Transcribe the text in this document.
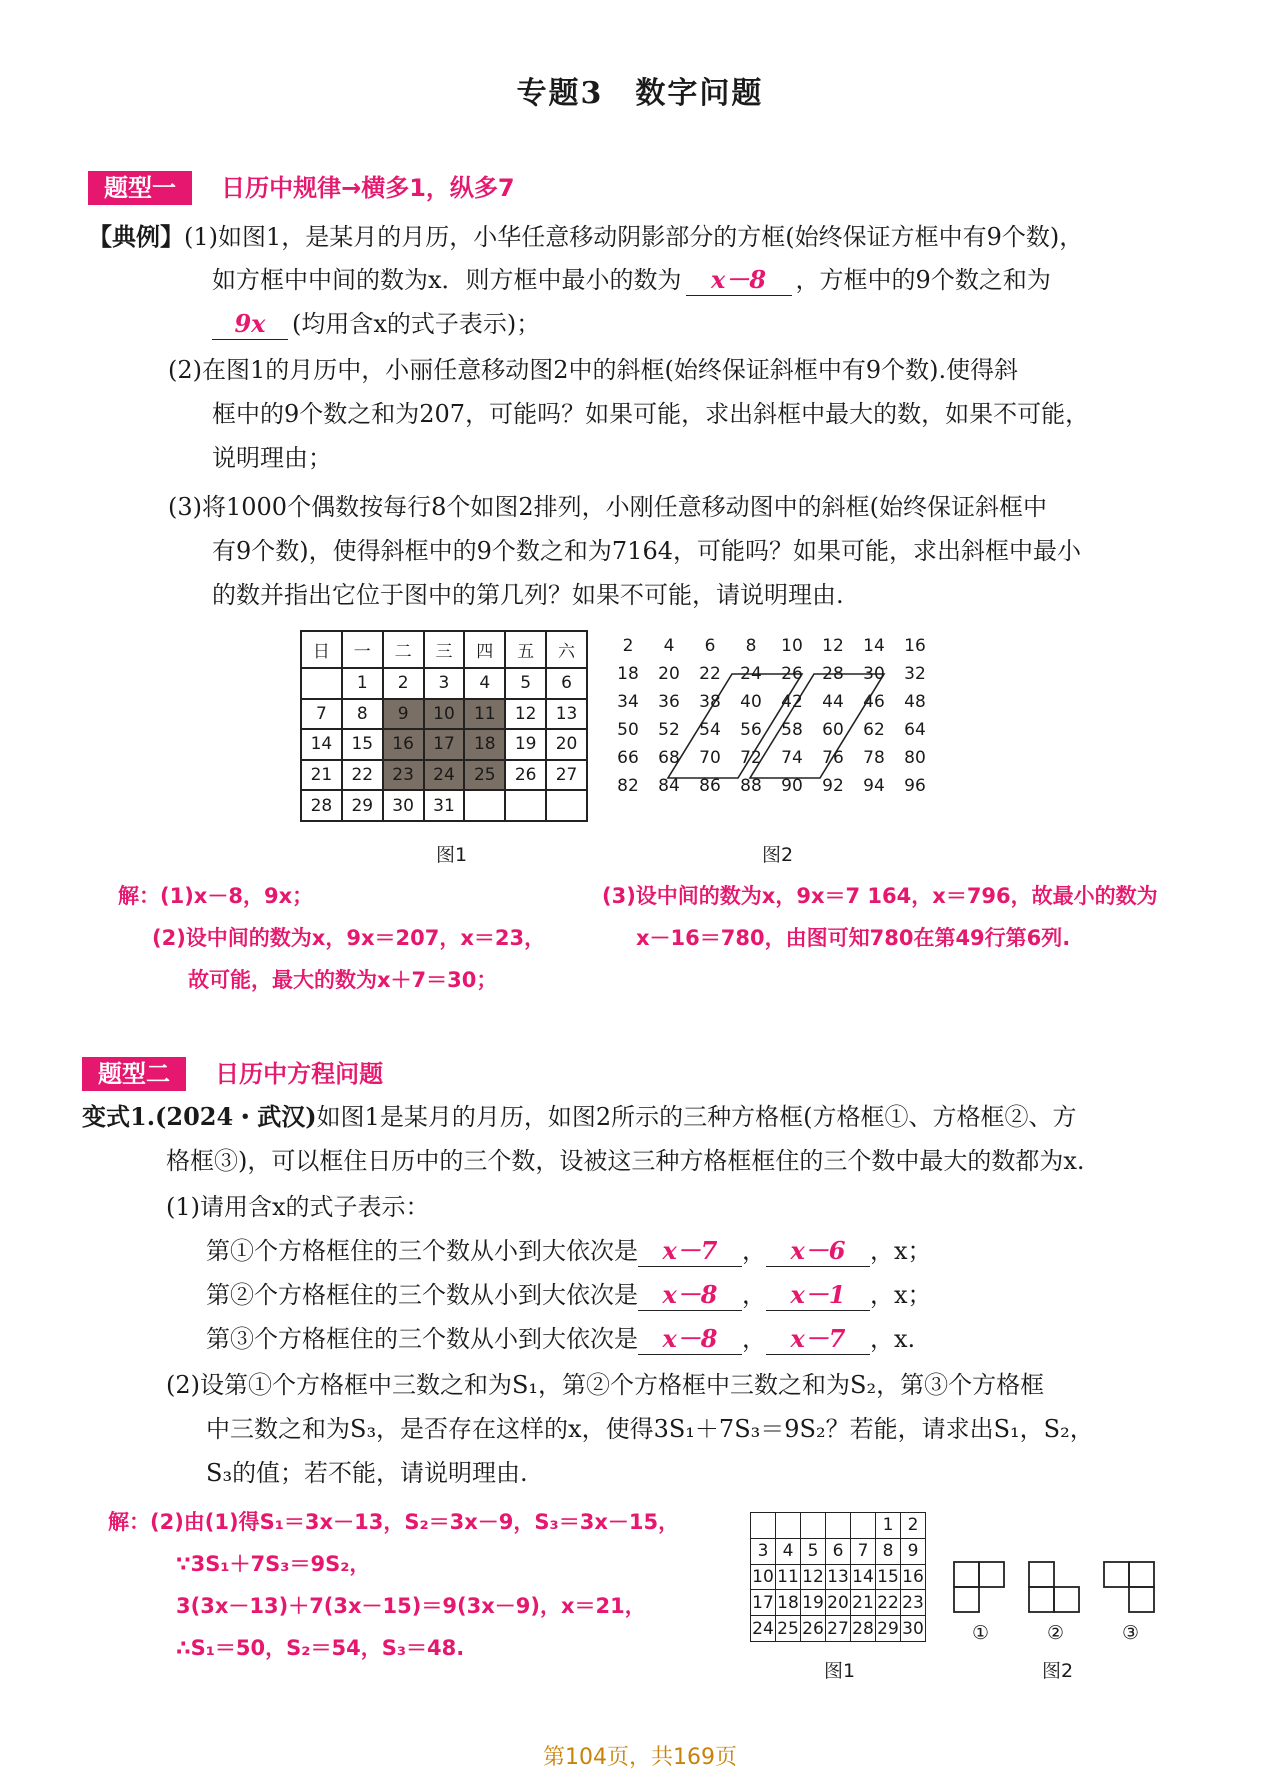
专题3　数字问题
题型一 日历中规律→横多1，纵多7
【典例】(1)如图1，是某月的月历，小华任意移动阴影部分的方框(始终保证方框中有9个数)，
如方框中中间的数为x．则方框中最小的数为 x－8 ，方框中的9个数之和为
9x (均用含x的式子表示)；
(2)在图1的月历中，小丽任意移动图2中的斜框(始终保证斜框中有9个数).使得斜
框中的9个数之和为207，可能吗？如果可能，求出斜框中最大的数，如果不可能，
说明理由；
(3)将1000个偶数按每行8个如图2排列，小刚任意移动图中的斜框(始终保证斜框中
有9个数)，使得斜框中的9个数之和为7164，可能吗？如果可能，求出斜框中最小
的数并指出它位于图中的第几列？如果不可能，请说明理由.
日	一	二	三	四	五	六
	1	2	3	4	5	6
7	8	9	10	11	12	13
14	15	16	17	18	19	20
21	22	23	24	25	26	27
28	29	30	31			
图1
2	4	6	8	10	12	14	16
18	20	22	24	26	28	30	32
34	36	38	40	42	44	46	48
50	52	54	56	58	60	62	64
66	68	70	72	74	76	78	80
82	84	86	88	90	92	94	96
图2
解：(1)x－8，9x；
(2)设中间的数为x，9x＝207，x＝23，
故可能，最大的数为x＋7＝30；
(3)设中间的数为x，9x＝7 164，x＝796，故最小的数为
x－16＝780，由图可知780在第49行第6列.
题型二 日历中方程问题
变式1.(2024・武汉)如图1是某月的月历，如图2所示的三种方格框(方格框①、方格框②、方
格框③)，可以框住日历中的三个数，设被这三种方格框框住的三个数中最大的数都为x.
(1)请用含x的式子表示：
第①个方格框住的三个数从小到大依次是 x－7 ， x－6 ，x；
第②个方格框住的三个数从小到大依次是 x－8 ， x－1 ，x；
第③个方格框住的三个数从小到大依次是 x－8 ， x－7 ，x.
(2)设第①个方格框中三数之和为S₁，第②个方格框中三数之和为S₂，第③个方格框
中三数之和为S₃，是否存在这样的x，使得3S₁＋7S₃＝9S₂？若能，请求出S₁，S₂，
S₃的值；若不能，请说明理由.
解：(2)由(1)得S₁＝3x－13，S₂＝3x－9，S₃＝3x－15，
∵3S₁＋7S₃＝9S₂，
3(3x－13)＋7(3x－15)＝9(3x－9)，x＝21，
∴S₁＝50，S₂＝54，S₃＝48.
					1	2
3	4	5	6	7	8	9
10	11	12	13	14	15	16
17	18	19	20	21	22	23
24	25	26	27	28	29	30
图1
①	②	③
图2
第104页，共169页
